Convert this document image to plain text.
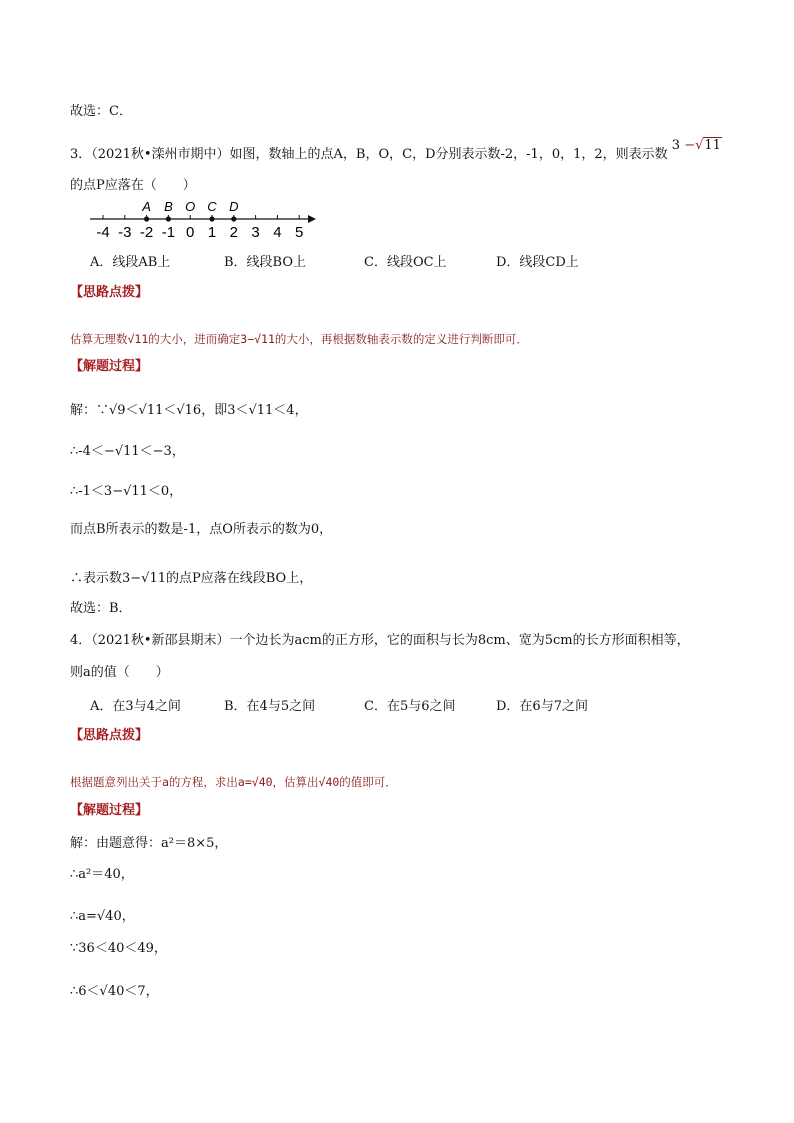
故选：C．
3．（2021秋•滦州市期中）如图，数轴上的点A，B，O，C，D分别表示数-2，-1，0，1，2，则表示数 3 −√11
的点P应落在（　　）
-4 -3 -2 -1 0 1 2 3 4 5
A B O C D
A．线段AB上	B．线段BO上	C．线段OC上	D．线段CD上
【思路点拨】
估算无理数√11的大小，进而确定3−√11的大小，再根据数轴表示数的定义进行判断即可．
【解题过程】
解：∵√9＜√11＜√16，即3＜√11＜4，
∴-4＜−√11＜−3，
∴-1＜3−√11＜0，
而点B所表示的数是-1，点O所表示的数为0，
∴表示数3−√11的点P应落在线段BO上，
故选：B．
4．（2021秋•新邵县期末）一个边长为acm的正方形，它的面积与长为8cm、宽为5cm的长方形面积相等，
则a的值（　　）
A．在3与4之间	B．在4与5之间	C．在5与6之间	D．在6与7之间
【思路点拨】
根据题意列出关于a的方程，求出a=√40，估算出√40的值即可．
【解题过程】
解：由题意得：a²＝8×5，
∴a²＝40，
∴a=√40，
∵36＜40＜49，
∴6＜√40＜7，
